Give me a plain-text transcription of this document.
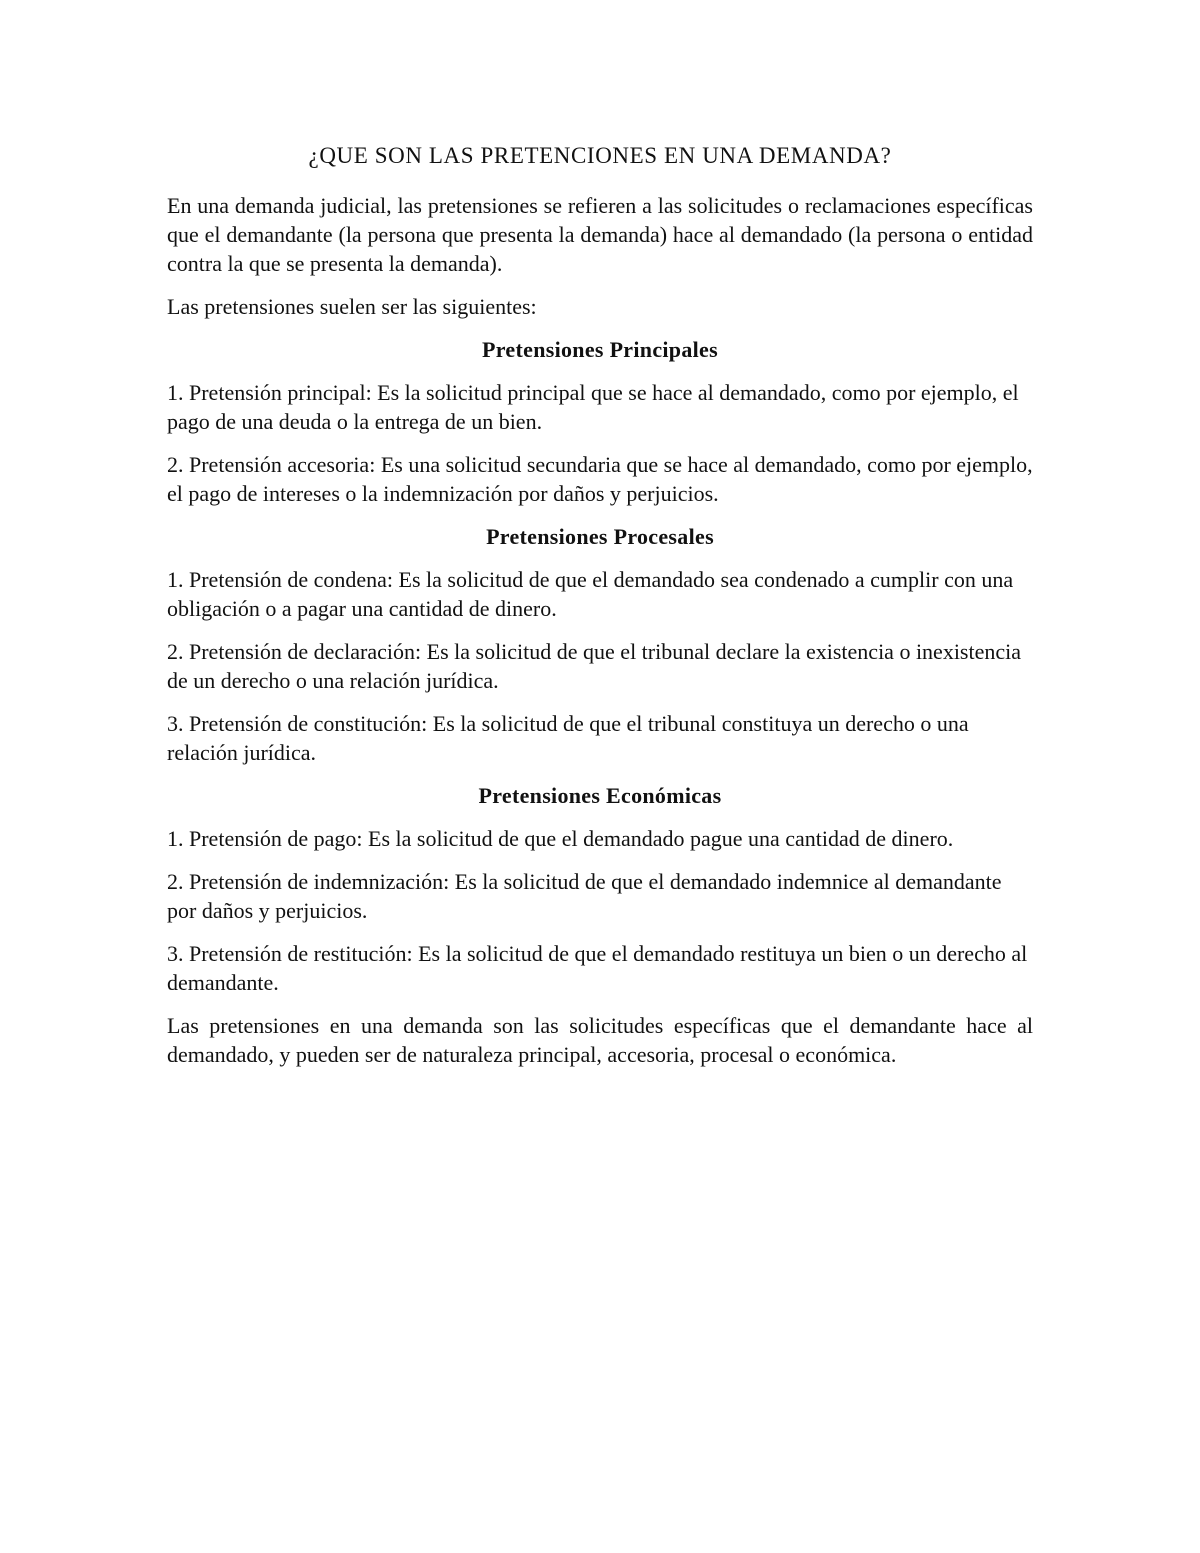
¿QUE SON LAS PRETENCIONES EN UNA DEMANDA?

En una demanda judicial, las pretensiones se refieren a las solicitudes o reclamaciones específicas que el demandante (la persona que presenta la demanda) hace al demandado (la persona o entidad contra la que se presenta la demanda).

Las pretensiones suelen ser las siguientes:

Pretensiones Principales

1. Pretensión principal: Es la solicitud principal que se hace al demandado, como por ejemplo, el pago de una deuda o la entrega de un bien.

2. Pretensión accesoria: Es una solicitud secundaria que se hace al demandado, como por ejemplo, el pago de intereses o la indemnización por daños y perjuicios.

Pretensiones Procesales

1. Pretensión de condena: Es la solicitud de que el demandado sea condenado a cumplir con una obligación o a pagar una cantidad de dinero.

2. Pretensión de declaración: Es la solicitud de que el tribunal declare la existencia o inexistencia de un derecho o una relación jurídica.

3. Pretensión de constitución: Es la solicitud de que el tribunal constituya un derecho o una relación jurídica.

Pretensiones Económicas

1. Pretensión de pago: Es la solicitud de que el demandado pague una cantidad de dinero.

2. Pretensión de indemnización: Es la solicitud de que el demandado indemnice al demandante por daños y perjuicios.

3. Pretensión de restitución: Es la solicitud de que el demandado restituya un bien o un derecho al demandante.

Las pretensiones en una demanda son las solicitudes específicas que el demandante hace al demandado, y pueden ser de naturaleza principal, accesoria, procesal o económica.
